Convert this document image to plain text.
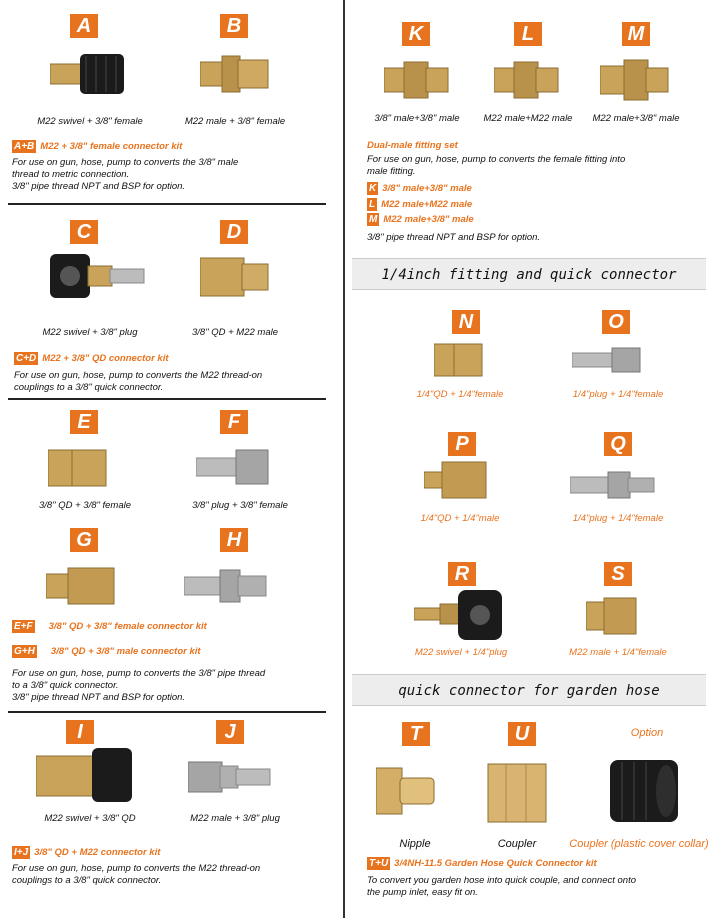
A	B
M22 swivel + 3/8" female	M22 male + 3/8" female
A+B M22 + 3/8" female connector kit
For use on gun, hose, pump to converts the 3/8" male
thread to metric connection.
3/8" pipe thread NPT and BSP for option.
C	D
M22 swivel + 3/8" plug	3/8" QD + M22 male
C+D M22 + 3/8" QD connector kit
For use on gun, hose, pump to converts the M22 thread-on
couplings to a 3/8" quick connector.
E	F
3/8" QD + 3/8" female	3/8" plug + 3/8" female
G	H
E+F 3/8" QD + 3/8" female connector kit
G+H 3/8" QD + 3/8" male connector kit
For use on gun, hose, pump to converts the 3/8" pipe thread
to a 3/8" quick connector.
3/8" pipe thread NPT and BSP for option.
I	J
M22 swivel + 3/8" QD	M22 male + 3/8" plug
I+J 3/8" QD + M22 connector kit
For use on gun, hose, pump to converts the M22 thread-on
couplings to a 3/8" quick connector.
K	L	M
3/8" male+3/8" male	M22 male+M22 male	M22 male+3/8" male
Dual-male fitting set
For use on gun, hose, pump to converts the female fitting into
male fitting.
K 3/8" male+3/8" male
L M22 male+M22 male
M M22 male+3/8" male
3/8" pipe thread NPT and BSP for option.
1/4inch fitting and quick connector
N	O
1/4"QD + 1/4"female	1/4"plug + 1/4"female
P	Q
1/4"QD + 1/4"male	1/4"plug + 1/4"female
R	S
M22 swivel + 1/4"plug	M22 male + 1/4"female
quick connector for garden hose
T	U	Option
Nipple	Coupler	Coupler (plastic cover collar)
T+U 3/4NH-11.5 Garden Hose Quick Connector kit
To convert you garden hose into quick couple, and connect onto
the pump inlet, easy fit on.
